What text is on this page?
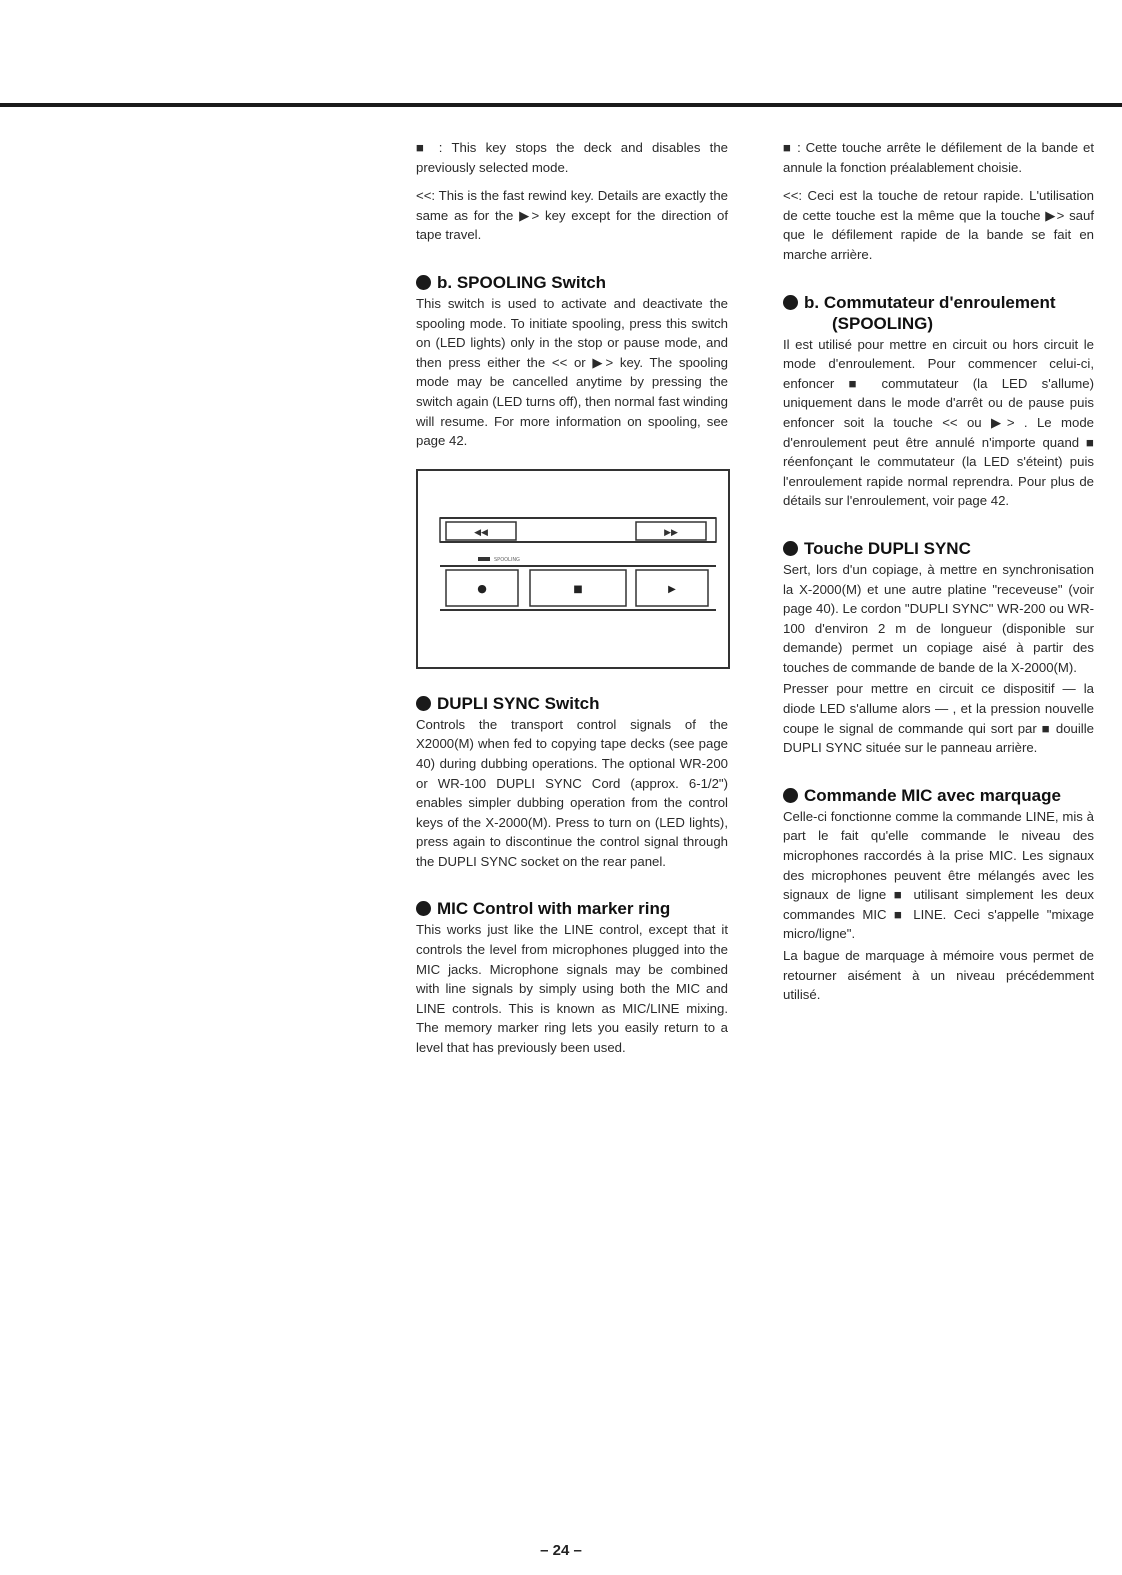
■ : This key stops the deck and disables the previously selected mode.

<<: This is the fast rewind key. Details are exactly the same as for the ▶> key except for the direction of tape travel.

b. SPOOLING Switch

This switch is used to activate and deactivate the spooling mode. To initiate spooling, press this switch on (LED lights) only in the stop or pause mode, and then press either the << or ▶> key. The spooling mode may be cancelled anytime by pressing the switch again (LED turns off), then normal fast winding will resume. For more information on spooling, see page 42.

◀◀	▶▶
SPOOLING
●	■	▶
DUPLI SYNC Switch

Controls the transport control signals of the X2000(M) when fed to copying tape decks (see page 40) during dubbing operations. The optional WR-200 or WR-100 DUPLI SYNC Cord (approx. 6-1/2") enables simpler dubbing operation from the control keys of the X-2000(M). Press to turn on (LED lights), press again to discontinue the control signal through the DUPLI SYNC socket on the rear panel.

MIC Control with marker ring

This works just like the LINE control, except that it controls the level from microphones plugged into the MIC jacks. Microphone signals may be combined with line signals by simply using both the MIC and LINE controls. This is known as MIC/LINE mixing. The memory marker ring lets you easily return to a level that has previously been used.

■ : Cette touche arrête le défilement de la bande et annule la fonction préalablement choisie.

<<: Ceci est la touche de retour rapide. L'utilisation de cette touche est la même que la touche ▶> sauf que le défilement rapide de la bande se fait en marche arrière.

b. Commutateur d'enroulement
(SPOOLING)

Il est utilisé pour mettre en circuit ou hors circuit le mode d'enroulement. Pour commencer celui-ci, enfoncer ■ commutateur (la LED s'allume) uniquement dans le mode d'arrêt ou de pause puis enfoncer soit la touche << ou ▶> . Le mode d'enroulement peut être annulé n'importe quand ■ réenfonçant le commutateur (la LED s'éteint) puis l'enroulement rapide normal reprendra. Pour plus de détails sur l'enroulement, voir page 42.

Touche DUPLI SYNC

Sert, lors d'un copiage, à mettre en synchronisation la X-2000(M) et une autre platine "receveuse" (voir page 40). Le cordon "DUPLI SYNC" WR-200 ou WR-100 d'environ 2 m de longueur (disponible sur demande) permet un copiage aisé à partir des touches de commande de bande de la X-2000(M).

Presser pour mettre en circuit ce dispositif — la diode LED s'allume alors — , et la pression nouvelle coupe le signal de commande qui sort par ■ douille DUPLI SYNC située sur le panneau arrière.

Commande MIC avec marquage

Celle-ci fonctionne comme la commande LINE, mis à part le fait qu'elle commande le niveau des microphones raccordés à la prise MIC. Les signaux des microphones peuvent être mélangés avec les signaux de ligne ■ utilisant simplement les deux commandes MIC ■ LINE. Ceci s'appelle "mixage micro/ligne".

La bague de marquage à mémoire vous permet de retourner aisément à un niveau précédemment utilisé.

– 24 –
